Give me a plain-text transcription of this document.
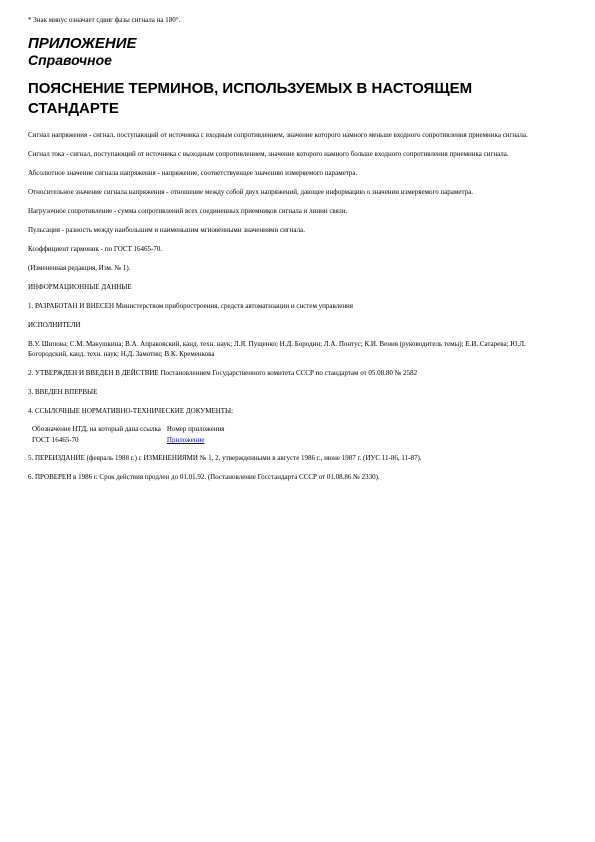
* Знак минус означает сдвиг фазы сигнала на 180°.

ПРИЛОЖЕНИЕ
Справочное
ПОЯСНЕНИЕ ТЕРМИНОВ, ИСПОЛЬЗУЕМЫХ В НАСТОЯЩЕМ СТАНДАРТЕ

Сигнал напряжения - сигнал, поступающий от источника с входным сопротивлением, значение которого намного меньше входного сопротивления приемника сигнала.

Сигнал тока - сигнал, поступающий от источника с выходным сопротивлением, значение которого намного больше входного сопротивления приемника сигнала.

Абсолютное значение сигнала напряжения - напряжение, соответствующее значению измеряемого параметра.

Относительное значение сигнала напряжения - отношение между собой двух напряжений, дающее информацию о значении измеряемого параметра.

Нагрузочное сопротивление - сумма сопротивлений всех соединенных приемников сигнала и линии связи.

Пульсация - разность между наибольшим и наименьшим мгновенными значениями сигнала.

Коэффициент гармоник - по ГОСТ 16465-70.

(Измененная редакция, Изм. № 1).

ИНФОРМАЦИОННЫЕ ДАННЫЕ

1. РАЗРАБОТАН И ВНЕСЕН Министерством приборостроения, средств автоматизации и систем управления

ИСПОЛНИТЕЛИ

В.У. Шипова; С.М. Макушкина; В.А. Апраковский, канд. техн. наук; Л.Я. Пущенко; Н.Д. Бородин; Л.А. Понтус; К.И. Вения (руководитель темы); Е.И. Сатарева; Ю.Л. Богородский, канд. техн. наук; Н.Д. Замотин; В.К. Кременкова

2. УТВЕРЖДЕН И ВВЕДЕН В ДЕЙСТВИЕ Постановлением Государственного комитета СССР по стандартам от 05.08.80 № 2582

3. ВВЕДЕН ВПЕРВЫЕ

4. ССЫЛОЧНЫЕ НОРМАТИВНО-ТЕХНИЧЕСКИЕ ДОКУМЕНТЫ:

Обозначение НТД, на который дана ссылка	Номер приложения
ГОСТ 16465-70	Приложение

5. ПЕРЕИЗДАНИЕ (февраль 1988 г.) с ИЗМЕНЕНИЯМИ № 1, 2, утвержденными в августе 1986 г., июне 1987 г. (ИУС 11-86, 11-87).

6. ПРОВЕРЕН в 1986 г. Срок действия продлен до 01.01.92. (Постановление Госстандарта СССР от 01.08.86 № 2330).
